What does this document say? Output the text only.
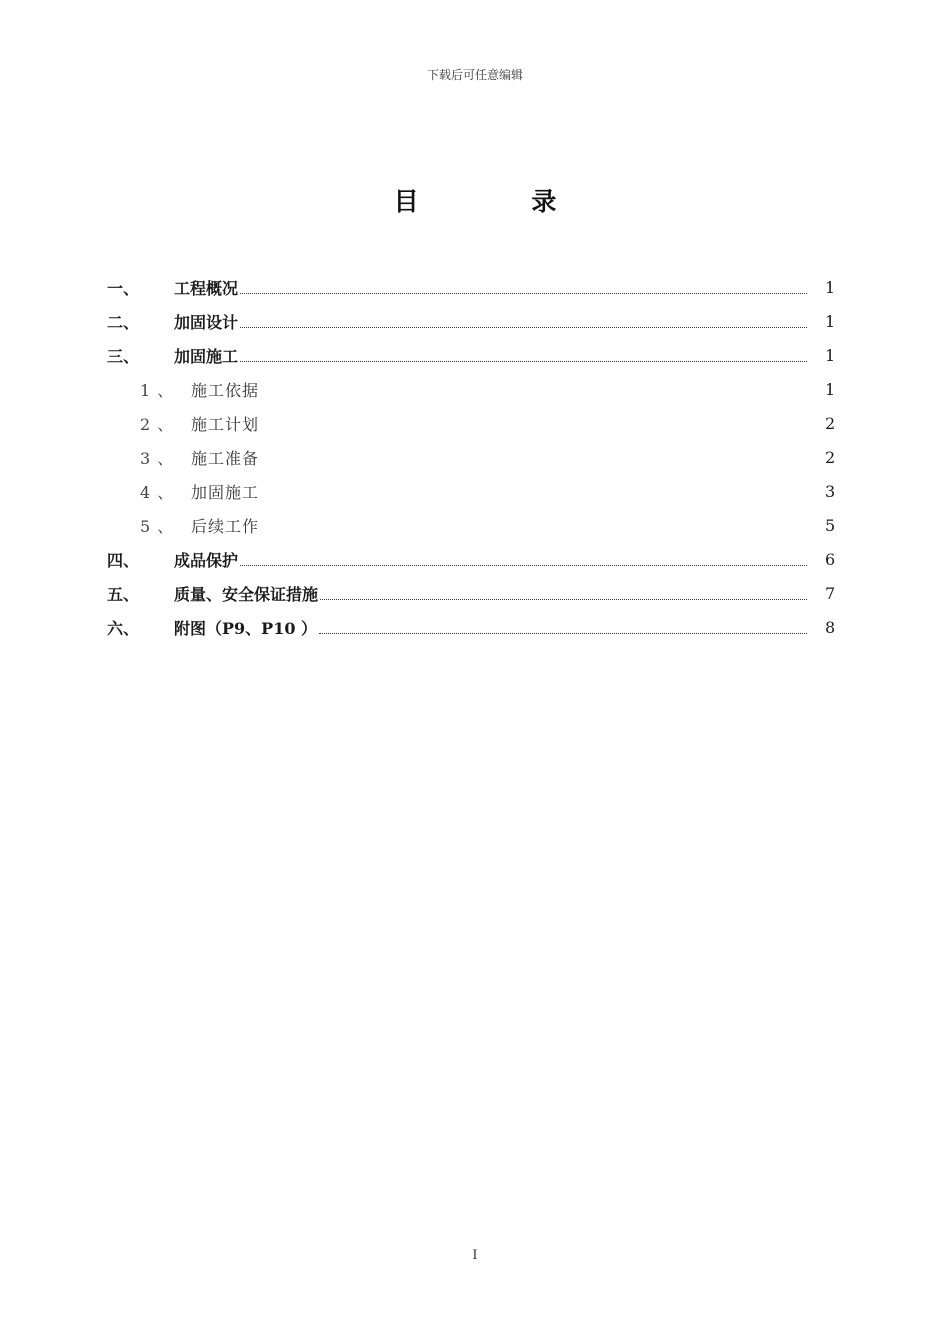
下载后可任意编辑
目 录
一、	工程概况	1
二、	加固设计	1
三、	加固施工	1
1 、	施工依据	1
2 、	施工计划	2
3 、	施工准备	2
4 、	加固施工	3
5 、	后续工作	5
四、	成品保护	6
五、	质量、安全保证措施	7
六、	附图（P9、P10 ）	8
I
